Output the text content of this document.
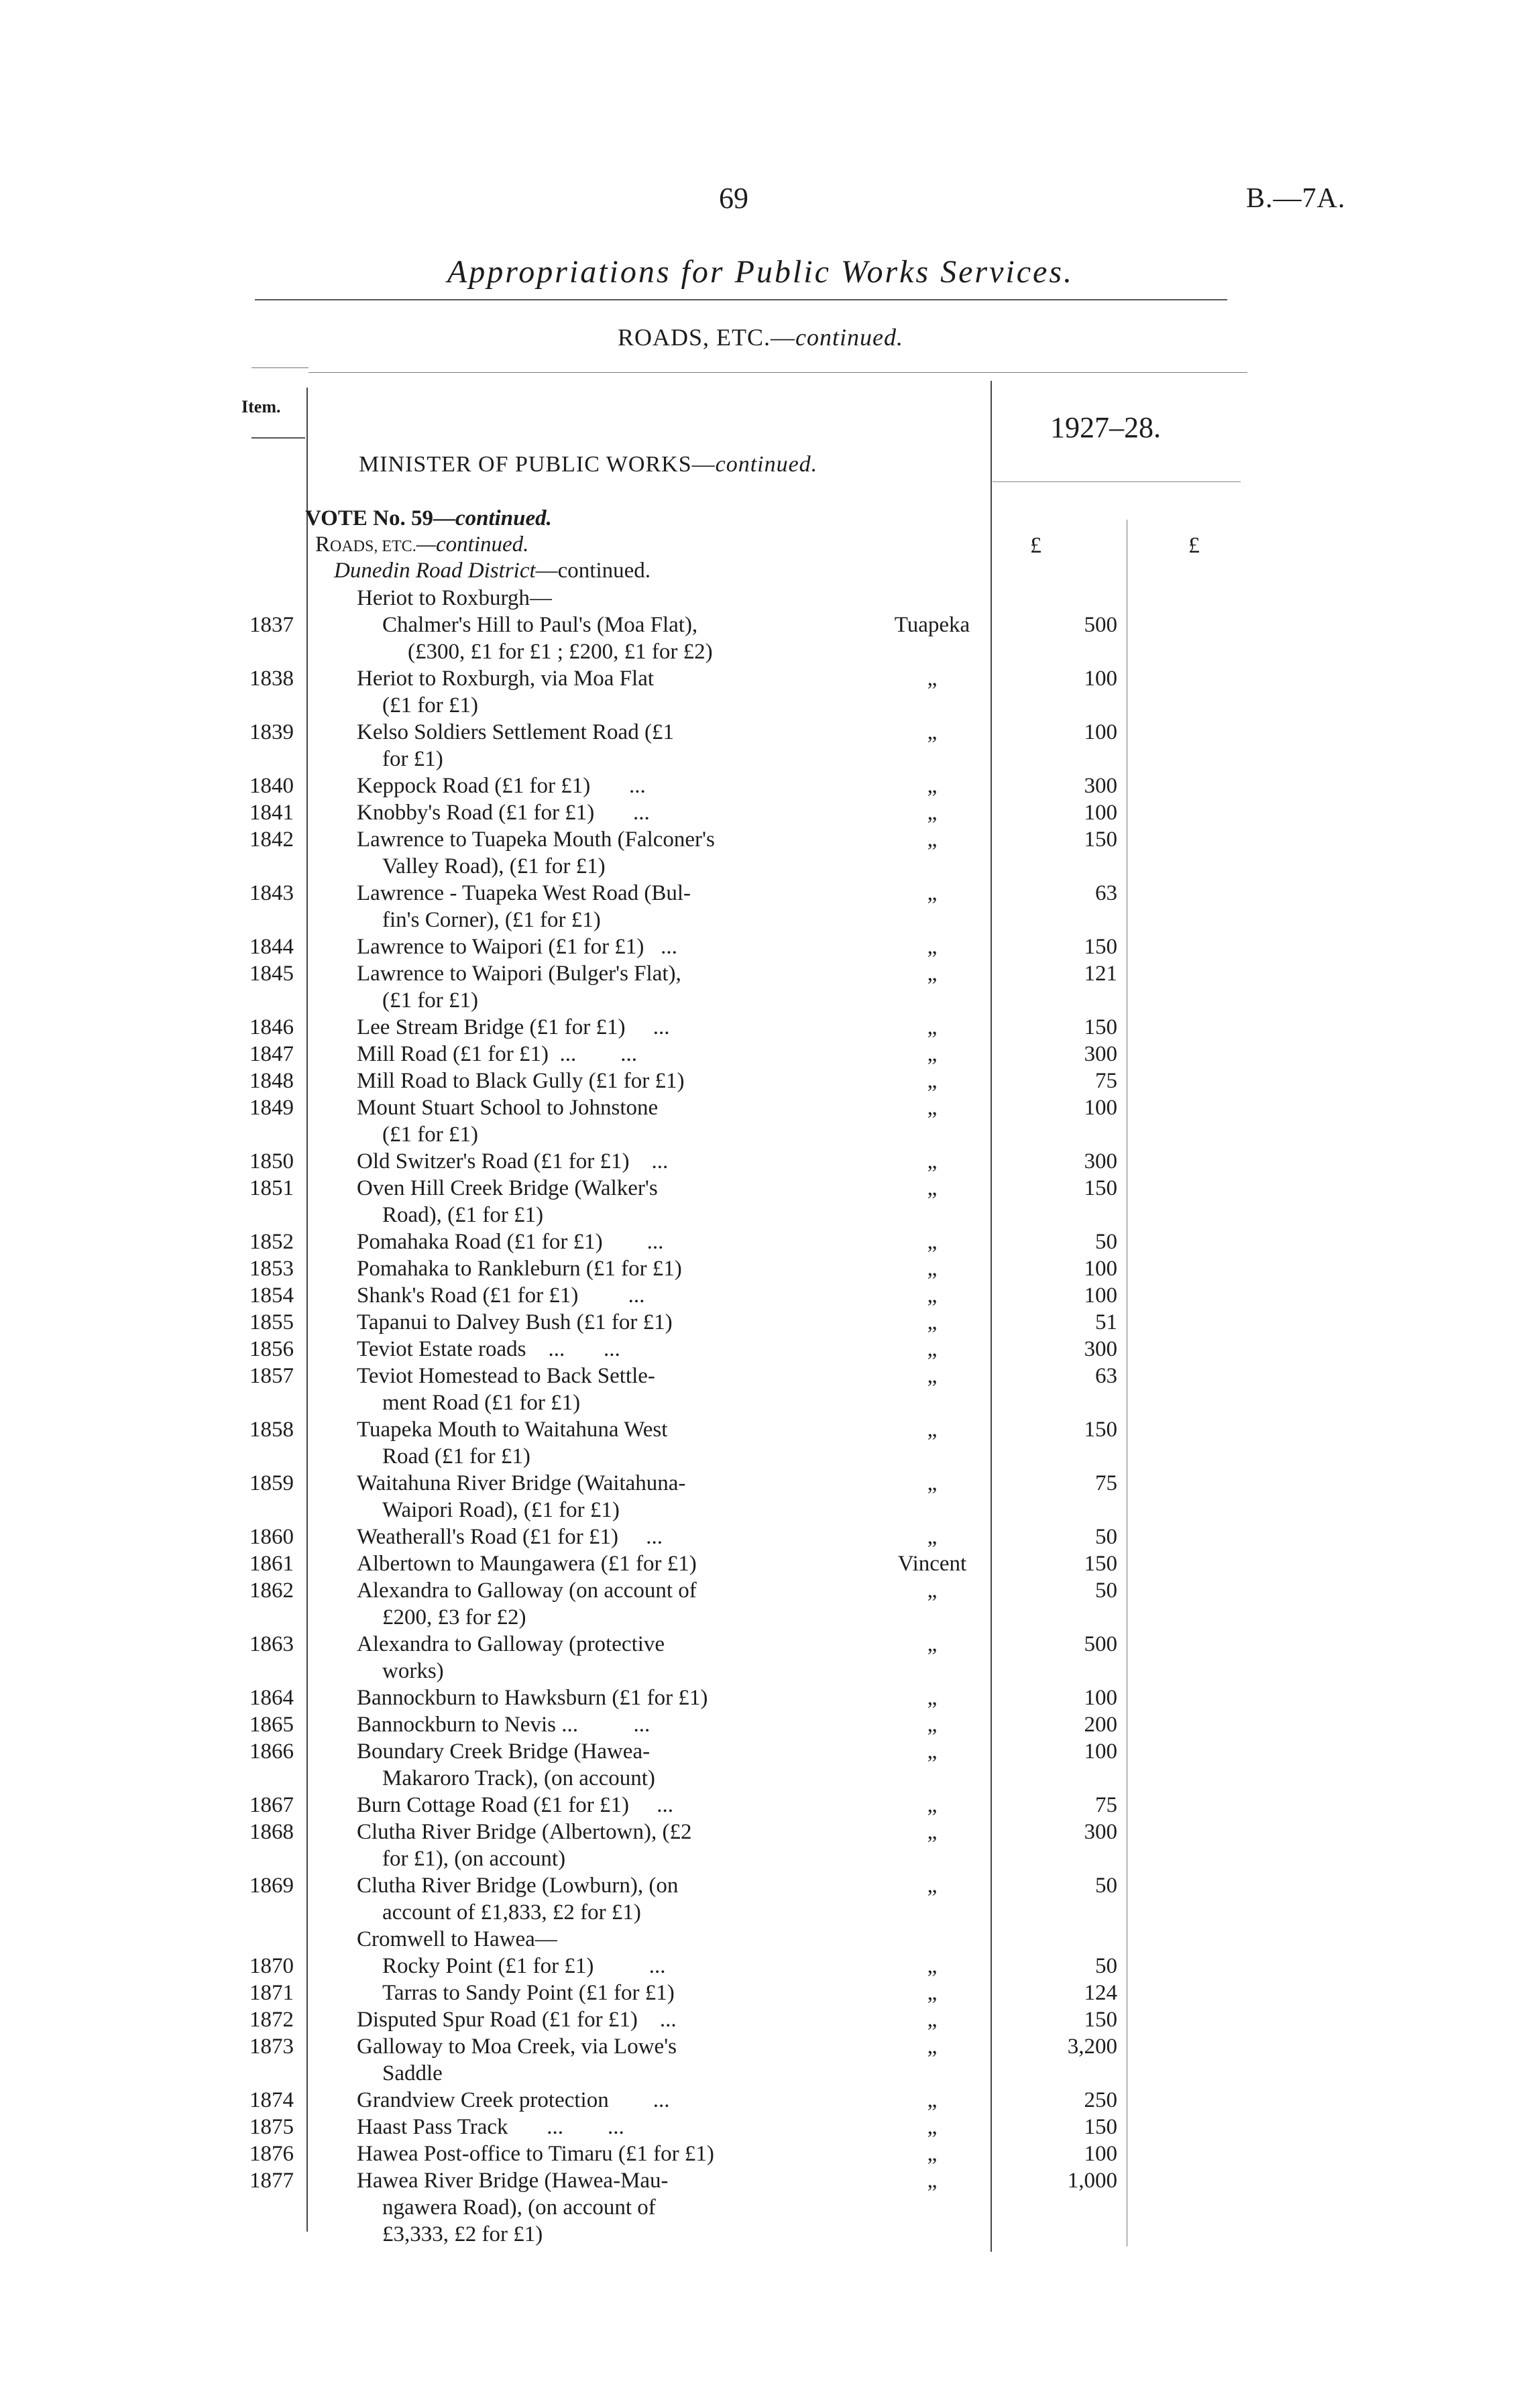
69	B.—7A.
Appropriations for Public Works Services.
ROADS, ETC.—continued.
Item.
1927–28.
MINISTER OF PUBLIC WORKS—continued.
VOTE No. 59—continued.
ROADS, ETC.—continued.
Dunedin Road District—continued.
£	£
Heriot to Roxburgh—
1837	Chalmer's Hill to Paul's (Moa Flat),
(£300, £1 for £1 ; £200, £1 for £2)
Tuapeka	500
1838	Heriot to Roxburgh, via Moa Flat
(£1 for £1)
„	100
1839	Kelso Soldiers Settlement Road (£1
for £1)
„	100
1840	Keppock Road (£1 for £1)       ...	„	300
1841	Knobby's Road (£1 for £1)       ...	„	100
1842	Lawrence to Tuapeka Mouth (Falconer's
Valley Road), (£1 for £1)
„	150
1843	Lawrence - Tuapeka West Road (Bul-
fin's Corner), (£1 for £1)
„	63
1844	Lawrence to Waipori (£1 for £1)   ...	„	150
1845	Lawrence to Waipori (Bulger's Flat),
(£1 for £1)
„	121
1846	Lee Stream Bridge (£1 for £1)     ...	„	150
1847	Mill Road (£1 for £1)  ...        ...	„	300
1848	Mill Road to Black Gully (£1 for £1)	„	75
1849	Mount Stuart School to Johnstone
(£1 for £1)
„	100
1850	Old Switzer's Road (£1 for £1)    ...	„	300
1851	Oven Hill Creek Bridge (Walker's
Road), (£1 for £1)
„	150
1852	Pomahaka Road (£1 for £1)        ...	„	50
1853	Pomahaka to Rankleburn (£1 for £1)	„	100
1854	Shank's Road (£1 for £1)         ...	„	100
1855	Tapanui to Dalvey Bush (£1 for £1)	„	51
1856	Teviot Estate roads    ...       ...	„	300
1857	Teviot Homestead to Back Settle-
ment Road (£1 for £1)
„	63
1858	Tuapeka Mouth to Waitahuna West
Road (£1 for £1)
„	150
1859	Waitahuna River Bridge (Waitahuna-
Waipori Road), (£1 for £1)
„	75
1860	Weatherall's Road (£1 for £1)     ...	„	50
1861	Albertown to Maungawera (£1 for £1)	Vincent	150
1862	Alexandra to Galloway (on account of
£200, £3 for £2)
„	50
1863	Alexandra to Galloway (protective
works)
„	500
1864	Bannockburn to Hawksburn (£1 for £1)	„	100
1865	Bannockburn to Nevis ...          ...	„	200
1866	Boundary Creek Bridge (Hawea-
Makaroro Track), (on account)
„	100
1867	Burn Cottage Road (£1 for £1)     ...	„	75
1868	Clutha River Bridge (Albertown), (£2
for £1), (on account)
„	300
1869	Clutha River Bridge (Lowburn), (on
account of £1,833, £2 for £1)
„	50
Cromwell to Hawea—
1870	Rocky Point (£1 for £1)          ...	„	50
1871	Tarras to Sandy Point (£1 for £1)	„	124
1872	Disputed Spur Road (£1 for £1)    ...	„	150
1873	Galloway to Moa Creek, via Lowe's
Saddle
„	3,200
1874	Grandview Creek protection        ...	„	250
1875	Haast Pass Track       ...        ...	„	150
1876	Hawea Post-office to Timaru (£1 for £1)	„	100
1877	Hawea River Bridge (Hawea-Mau-
ngawera Road), (on account of
£3,333, £2 for £1)
„	1,000
